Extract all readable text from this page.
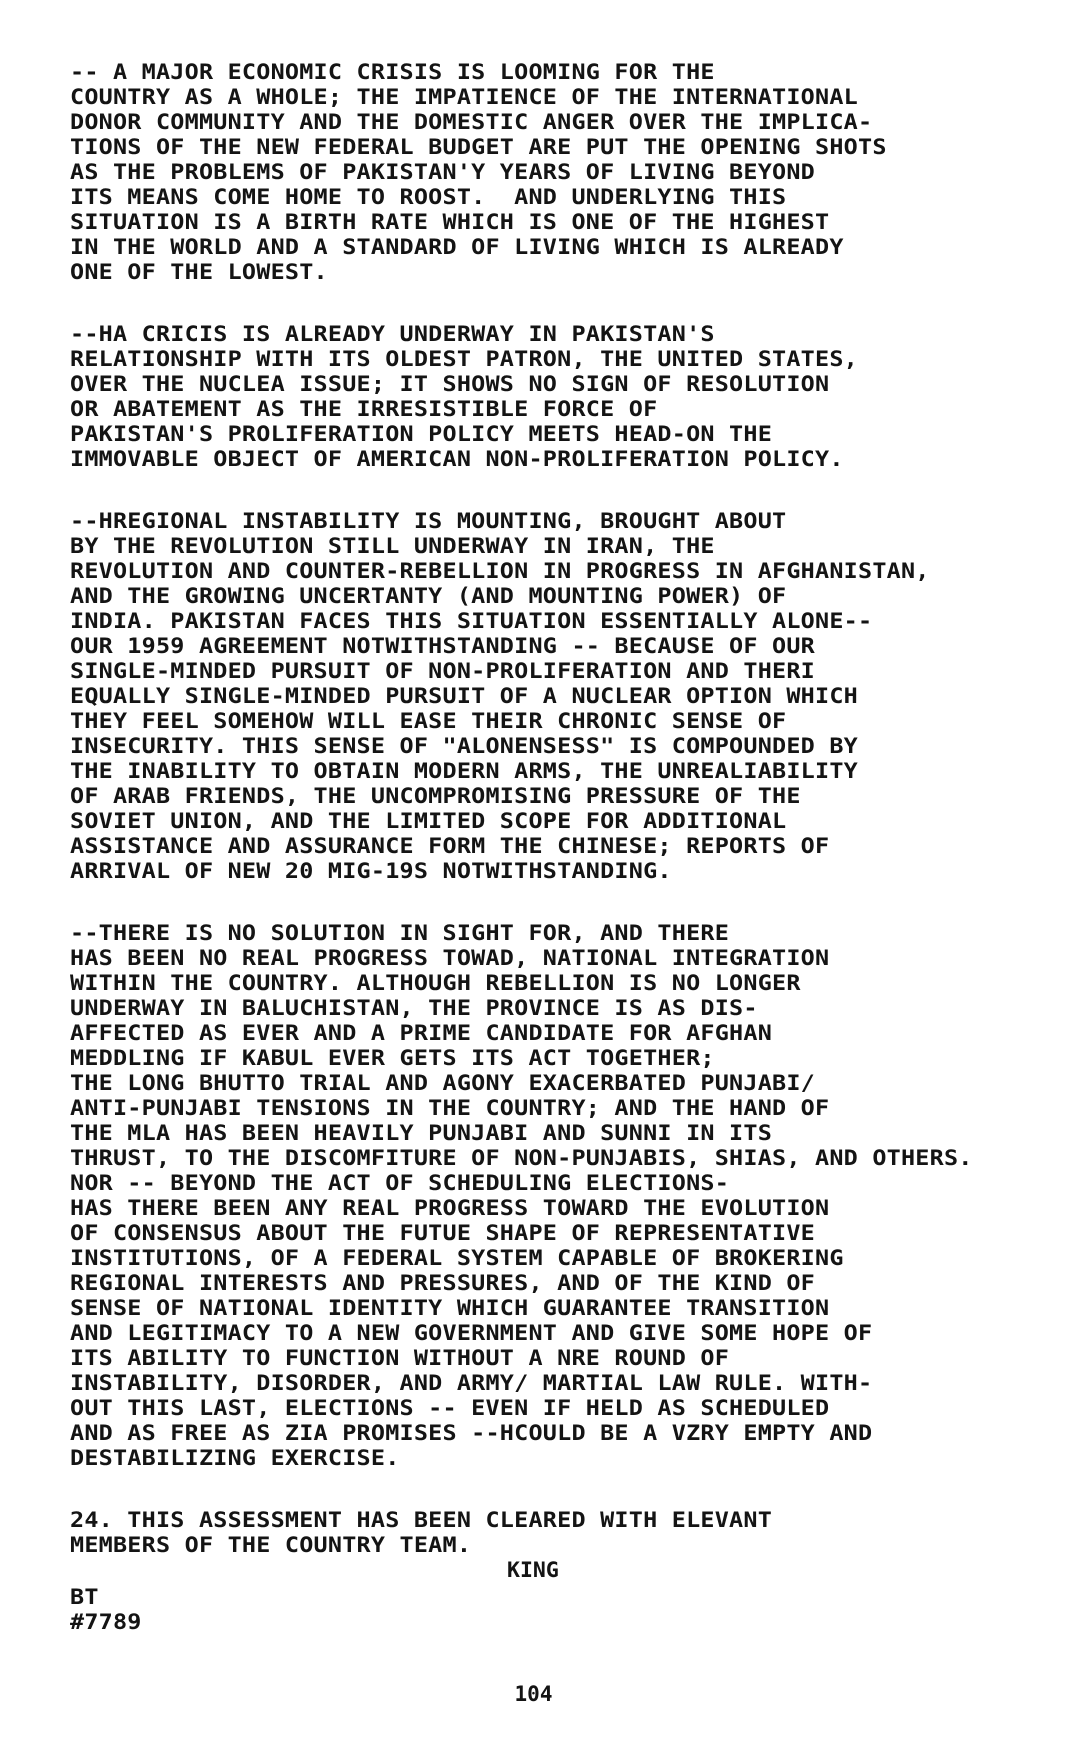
-- A MAJOR ECONOMIC CRISIS IS LOOMING FOR THE
COUNTRY AS A WHOLE; THE IMPATIENCE OF THE INTERNATIONAL
DONOR COMMUNITY AND THE DOMESTIC ANGER OVER THE IMPLICA-
TIONS OF THE NEW FEDERAL BUDGET ARE PUT THE OPENING SHOTS
AS THE PROBLEMS OF PAKISTAN'Y YEARS OF LIVING BEYOND
ITS MEANS COME HOME TO ROOST.  AND UNDERLYING THIS
SITUATION IS A BIRTH RATE WHICH IS ONE OF THE HIGHEST
IN THE WORLD AND A STANDARD OF LIVING WHICH IS ALREADY
ONE OF THE LOWEST.
--HA CRICIS IS ALREADY UNDERWAY IN PAKISTAN'S
RELATIONSHIP WITH ITS OLDEST PATRON, THE UNITED STATES,
OVER THE NUCLEA ISSUE; IT SHOWS NO SIGN OF RESOLUTION
OR ABATEMENT AS THE IRRESISTIBLE FORCE OF
PAKISTAN'S PROLIFERATION POLICY MEETS HEAD-ON THE
IMMOVABLE OBJECT OF AMERICAN NON-PROLIFERATION POLICY.
--HREGIONAL INSTABILITY IS MOUNTING, BROUGHT ABOUT
BY THE REVOLUTION STILL UNDERWAY IN IRAN, THE
REVOLUTION AND COUNTER-REBELLION IN PROGRESS IN AFGHANISTAN,
AND THE GROWING UNCERTANTY (AND MOUNTING POWER) OF
INDIA. PAKISTAN FACES THIS SITUATION ESSENTIALLY ALONE--
OUR 1959 AGREEMENT NOTWITHSTANDING -- BECAUSE OF OUR
SINGLE-MINDED PURSUIT OF NON-PROLIFERATION AND THERI
EQUALLY SINGLE-MINDED PURSUIT OF A NUCLEAR OPTION WHICH
THEY FEEL SOMEHOW WILL EASE THEIR CHRONIC SENSE OF
INSECURITY. THIS SENSE OF "ALONENSESS" IS COMPOUNDED BY
THE INABILITY TO OBTAIN MODERN ARMS, THE UNREALIABILITY
OF ARAB FRIENDS, THE UNCOMPROMISING PRESSURE OF THE
SOVIET UNION, AND THE LIMITED SCOPE FOR ADDITIONAL
ASSISTANCE AND ASSURANCE FORM THE CHINESE; REPORTS OF
ARRIVAL OF NEW 20 MIG-19S NOTWITHSTANDING.
--THERE IS NO SOLUTION IN SIGHT FOR, AND THERE
HAS BEEN NO REAL PROGRESS TOWAD, NATIONAL INTEGRATION
WITHIN THE COUNTRY. ALTHOUGH REBELLION IS NO LONGER
UNDERWAY IN BALUCHISTAN, THE PROVINCE IS AS DIS-
AFFECTED AS EVER AND A PRIME CANDIDATE FOR AFGHAN
MEDDLING IF KABUL EVER GETS ITS ACT TOGETHER;
THE LONG BHUTTO TRIAL AND AGONY EXACERBATED PUNJABI/
ANTI-PUNJABI TENSIONS IN THE COUNTRY; AND THE HAND OF
THE MLA HAS BEEN HEAVILY PUNJABI AND SUNNI IN ITS
THRUST, TO THE DISCOMFITURE OF NON-PUNJABIS, SHIAS, AND OTHERS.
NOR -- BEYOND THE ACT OF SCHEDULING ELECTIONS-
HAS THERE BEEN ANY REAL PROGRESS TOWARD THE EVOLUTION
OF CONSENSUS ABOUT THE FUTUE SHAPE OF REPRESENTATIVE
INSTITUTIONS, OF A FEDERAL SYSTEM CAPABLE OF BROKERING
REGIONAL INTERESTS AND PRESSURES, AND OF THE KIND OF
SENSE OF NATIONAL IDENTITY WHICH GUARANTEE TRANSITION
AND LEGITIMACY TO A NEW GOVERNMENT AND GIVE SOME HOPE OF
ITS ABILITY TO FUNCTION WITHOUT A NRE ROUND OF
INSTABILITY, DISORDER, AND ARMY/ MARTIAL LAW RULE. WITH-
OUT THIS LAST, ELECTIONS -- EVEN IF HELD AS SCHEDULED
AND AS FREE AS ZIA PROMISES --HCOULD BE A VZRY EMPTY AND
DESTABILIZING EXERCISE.
24. THIS ASSESSMENT HAS BEEN CLEARED WITH ELEVANT
MEMBERS OF THE COUNTRY TEAM.
KING
BT
#7789
104
